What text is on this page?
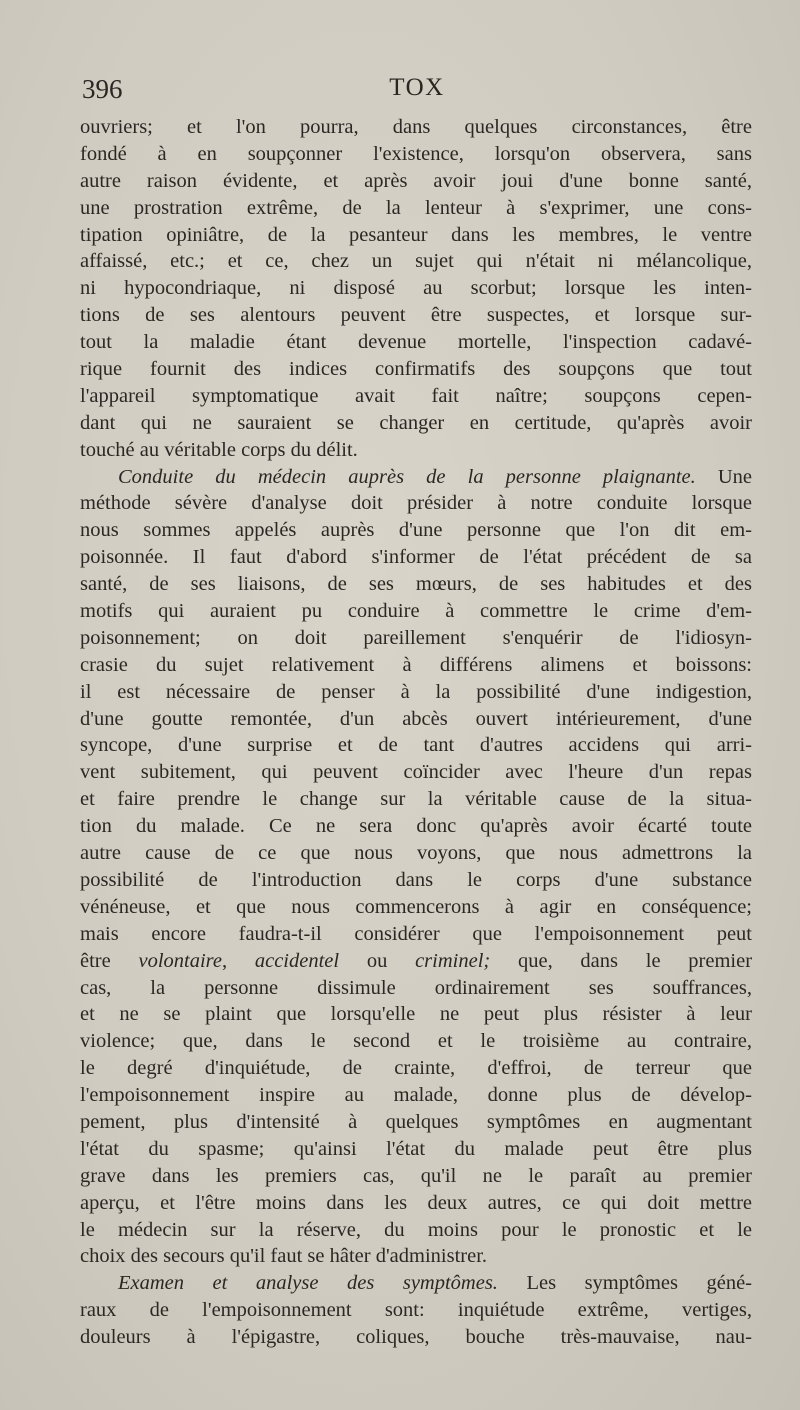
396	TOX
ouvriers; et l'on pourra, dans quelques circonstances, être
fondé à en soupçonner l'existence, lorsqu'on observera, sans
autre raison évidente, et après avoir joui d'une bonne santé,
une prostration extrême, de la lenteur à s'exprimer, une cons-
tipation opiniâtre, de la pesanteur dans les membres, le ventre
affaissé, etc.; et ce, chez un sujet qui n'était ni mélancolique,
ni hypocondriaque, ni disposé au scorbut; lorsque les inten-
tions de ses alentours peuvent être suspectes, et lorsque sur-
tout la maladie étant devenue mortelle, l'inspection cadavé-
rique fournit des indices confirmatifs des soupçons que tout
l'appareil symptomatique avait fait naître; soupçons cepen-
dant qui ne sauraient se changer en certitude, qu'après avoir
touché au véritable corps du délit.
Conduite du médecin auprès de la personne plaignante. Une
méthode sévère d'analyse doit présider à notre conduite lorsque
nous sommes appelés auprès d'une personne que l'on dit em-
poisonnée. Il faut d'abord s'informer de l'état précédent de sa
santé, de ses liaisons, de ses mœurs, de ses habitudes et des
motifs qui auraient pu conduire à commettre le crime d'em-
poisonnement; on doit pareillement s'enquérir de l'idiosyn-
crasie du sujet relativement à différens alimens et boissons:
il est nécessaire de penser à la possibilité d'une indigestion,
d'une goutte remontée, d'un abcès ouvert intérieurement, d'une
syncope, d'une surprise et de tant d'autres accidens qui arri-
vent subitement, qui peuvent coïncider avec l'heure d'un repas
et faire prendre le change sur la véritable cause de la situa-
tion du malade. Ce ne sera donc qu'après avoir écarté toute
autre cause de ce que nous voyons, que nous admettrons la
possibilité de l'introduction dans le corps d'une substance
vénéneuse, et que nous commencerons à agir en conséquence;
mais encore faudra-t-il considérer que l'empoisonnement peut
être volontaire, accidentel ou criminel; que, dans le premier
cas, la personne dissimule ordinairement ses souffrances,
et ne se plaint que lorsqu'elle ne peut plus résister à leur
violence; que, dans le second et le troisième au contraire,
le degré d'inquiétude, de crainte, d'effroi, de terreur que
l'empoisonnement inspire au malade, donne plus de dévelop-
pement, plus d'intensité à quelques symptômes en augmentant
l'état du spasme; qu'ainsi l'état du malade peut être plus
grave dans les premiers cas, qu'il ne le paraît au premier
aperçu, et l'être moins dans les deux autres, ce qui doit mettre
le médecin sur la réserve, du moins pour le pronostic et le
choix des secours qu'il faut se hâter d'administrer.
Examen et analyse des symptômes. Les symptômes géné-
raux de l'empoisonnement sont: inquiétude extrême, vertiges,
douleurs à l'épigastre, coliques, bouche très-mauvaise, nau-
